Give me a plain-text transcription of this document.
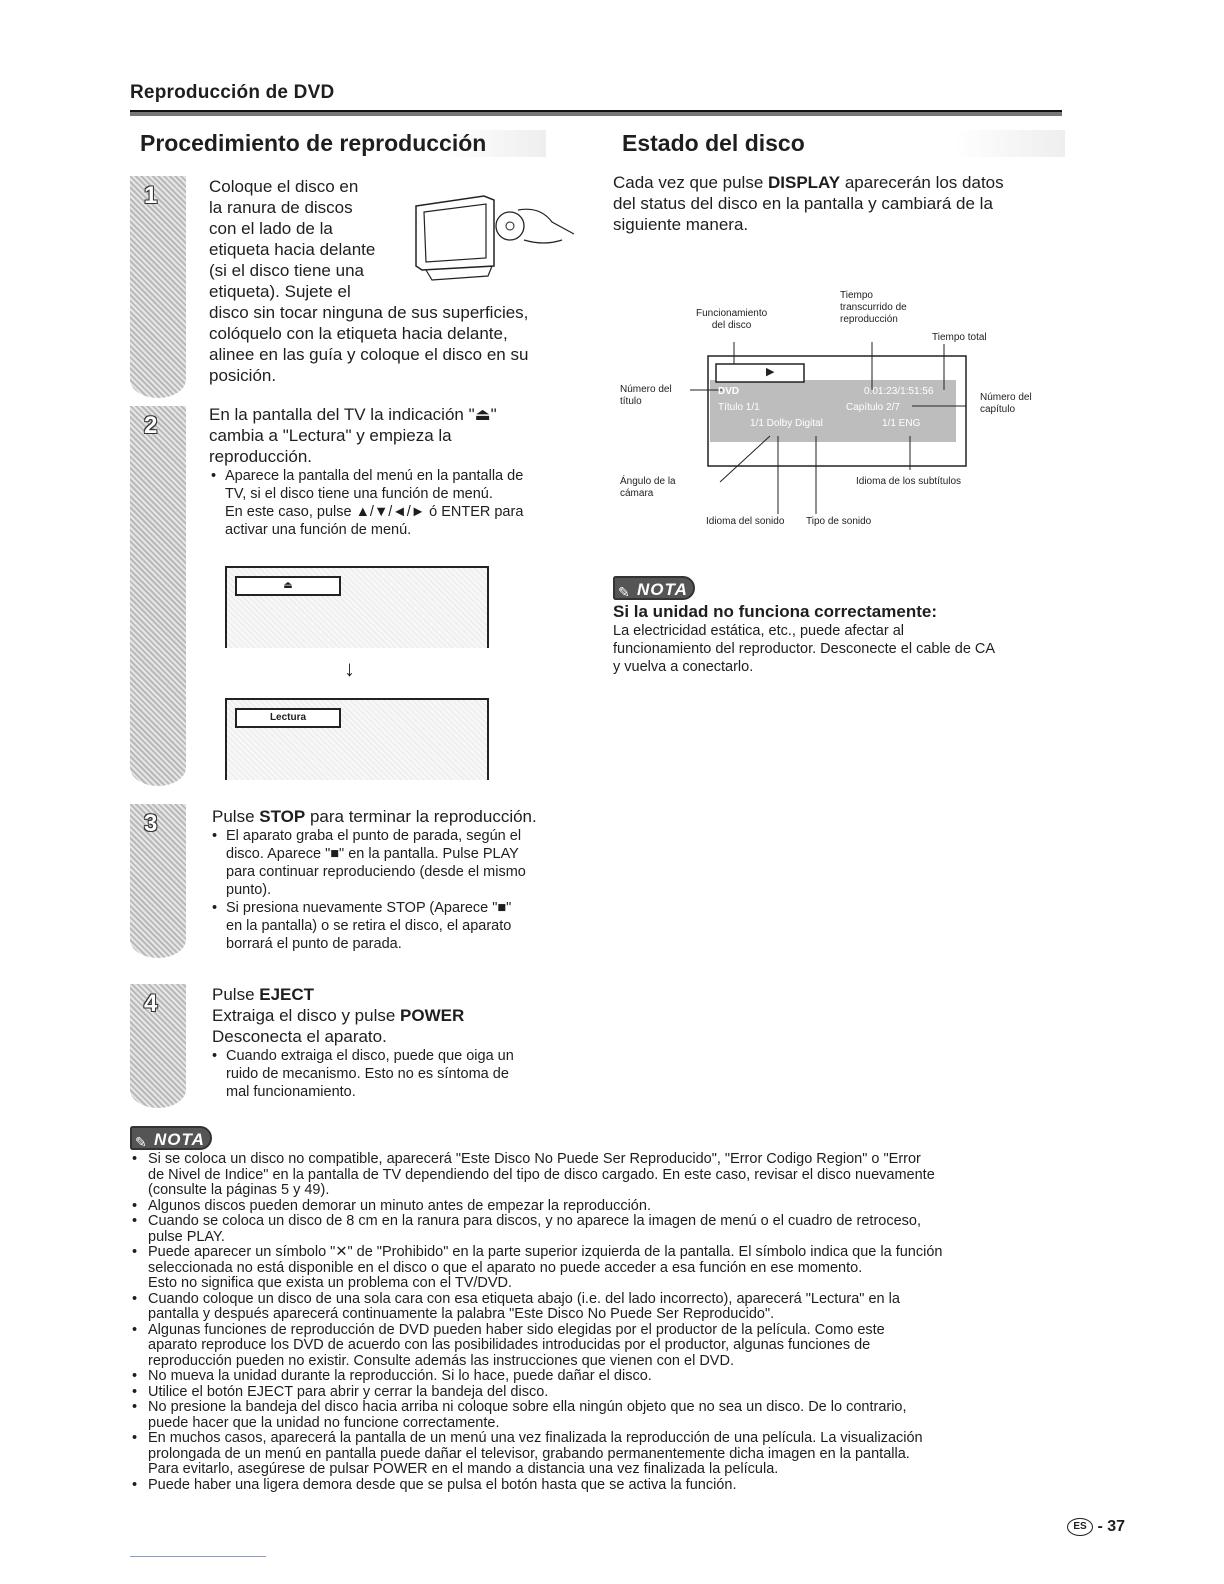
Reproducción de DVD
Procedimiento de reproducción
1	Coloque el disco en
la ranura de discos
con el lado de la
etiqueta hacia delante
(si el disco tiene una
etiqueta). Sujete el
disco sin tocar ninguna de sus superficies,
colóquelo con la etiqueta hacia delante,
alinee en las guía y coloque el disco en su
posición.
2	En la pantalla del TV la indicación "⏏"
cambia a "Lectura" y empieza la
reproducción.
• Aparece la pantalla del menú en la pantalla de
TV, si el disco tiene una función de menú.
En este caso, pulse ▲/▼/◄/► ó ENTER para
activar una función de menú.
⏏
↓
Lectura
3	Pulse STOP para terminar la reproducción.
• El aparato graba el punto de parada, según el
disco. Aparece "■" en la pantalla. Pulse PLAY
para continuar reproduciendo (desde el mismo
punto).
• Si presiona nuevamente STOP (Aparece "■"
en la pantalla) o se retira el disco, el aparato
borrará el punto de parada.
4	Pulse EJECT
Extraiga el disco y pulse POWER
Desconecta el aparato.
• Cuando extraiga el disco, puede que oiga un
ruido de mecanismo. Esto no es síntoma de
mal funcionamiento.
Estado del disco
Cada vez que pulse DISPLAY aparecerán los datos
del status del disco en la pantalla y cambiará de la
siguiente manera.
▶
DVD	0:01:23/1:51:56
Título 1/1	Capítulo 2/7
1/1 Dolby Digital	1/1 ENG
Funcionamiento
del disco
Tiempo
transcurrido de
reproducción
Tiempo total
Número del
título	Número del
capítulo
Ángulo de la
cámara
Idioma de los subtítulos
Idioma del sonido Tipo de sonido
✎ NOTA
Si la unidad no funciona correctamente:
La electricidad estática, etc., puede afectar al
funcionamiento del reproductor. Desconecte el cable de CA
y vuelva a conectarlo.
✎ NOTA
• Si se coloca un disco no compatible, aparecerá "Este Disco No Puede Ser Reproducido", "Error Codigo Region" o "Error
de Nivel de Indice" en la pantalla de TV dependiendo del tipo de disco cargado. En este caso, revisar el disco nuevamente
(consulte la páginas 5 y 49).
• Algunos discos pueden demorar un minuto antes de empezar la reproducción.
• Cuando se coloca un disco de 8 cm en la ranura para discos, y no aparece la imagen de menú o el cuadro de retroceso,
pulse PLAY.
• Puede aparecer un símbolo "✕" de "Prohibido" en la parte superior izquierda de la pantalla. El símbolo indica que la función
seleccionada no está disponible en el disco o que el aparato no puede acceder a esa función en ese momento.
Esto no significa que exista un problema con el TV/DVD.
• Cuando coloque un disco de una sola cara con esa etiqueta abajo (i.e. del lado incorrecto), aparecerá "Lectura" en la
pantalla y después aparecerá continuamente la palabra "Este Disco No Puede Ser Reproducido".
• Algunas funciones de reproducción de DVD pueden haber sido elegidas por el productor de la película. Como este
aparato reproduce los DVD de acuerdo con las posibilidades introducidas por el productor, algunas funciones de
reproducción pueden no existir. Consulte además las instrucciones que vienen con el DVD.
• No mueva la unidad durante la reproducción. Si lo hace, puede dañar el disco.
• Utilice el botón EJECT para abrir y cerrar la bandeja del disco.
• No presione la bandeja del disco hacia arriba ni coloque sobre ella ningún objeto que no sea un disco. De lo contrario,
puede hacer que la unidad no funcione correctamente.
• En muchos casos, aparecerá la pantalla de un menú una vez finalizada la reproducción de una película. La visualización
prolongada de un menú en pantalla puede dañar el televisor, grabando permanentemente dicha imagen en la pantalla.
Para evitarlo, asegúrese de pulsar POWER en el mando a distancia una vez finalizada la película.
• Puede haber una ligera demora desde que se pulsa el botón hasta que se activa la función.
ES - 37
